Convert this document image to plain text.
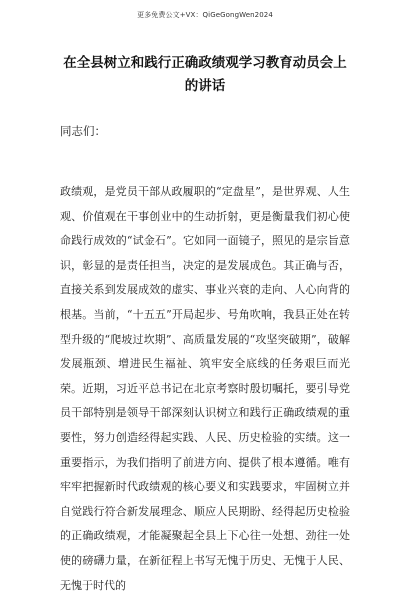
更多免费公文+VX：QiGeGongWen2024
在全县树立和践行正确政绩观学习教育动员会上的讲话
同志们：
政绩观，是党员干部从政履职的“定盘星”，是世界观、人生观、价值观在干事创业中的生动折射，更是衡量我们初心使命践行成效的“试金石”。它如同一面镜子，照见的是宗旨意识，彰显的是责任担当，决定的是发展成色。其正确与否，直接关系到发展成效的虚实、事业兴衰的走向、人心向背的根基。当前，“十五五”开局起步、号角吹响，我县正处在转型升级的“爬坡过坎期”、高质量发展的“攻坚突破期”，破解发展瓶颈、增进民生福祉、筑牢安全底线的任务艰巨而光荣。近期，习近平总书记在北京考察时殷切嘱托，要引导党员干部特别是领导干部深刻认识树立和践行正确政绩观的重要性，努力创造经得起实践、人民、历史检验的实绩。这一重要指示，为我们指明了前进方向、提供了根本遵循。唯有牢牢把握新时代政绩观的核心要义和实践要求，牢固树立并自觉践行符合新发展理念、顺应人民期盼、经得起历史检验的正确政绩观，才能凝聚起全县上下心往一处想、劲往一处使的磅礴力量，在新征程上书写无愧于历史、无愧于人民、无愧于时代的
